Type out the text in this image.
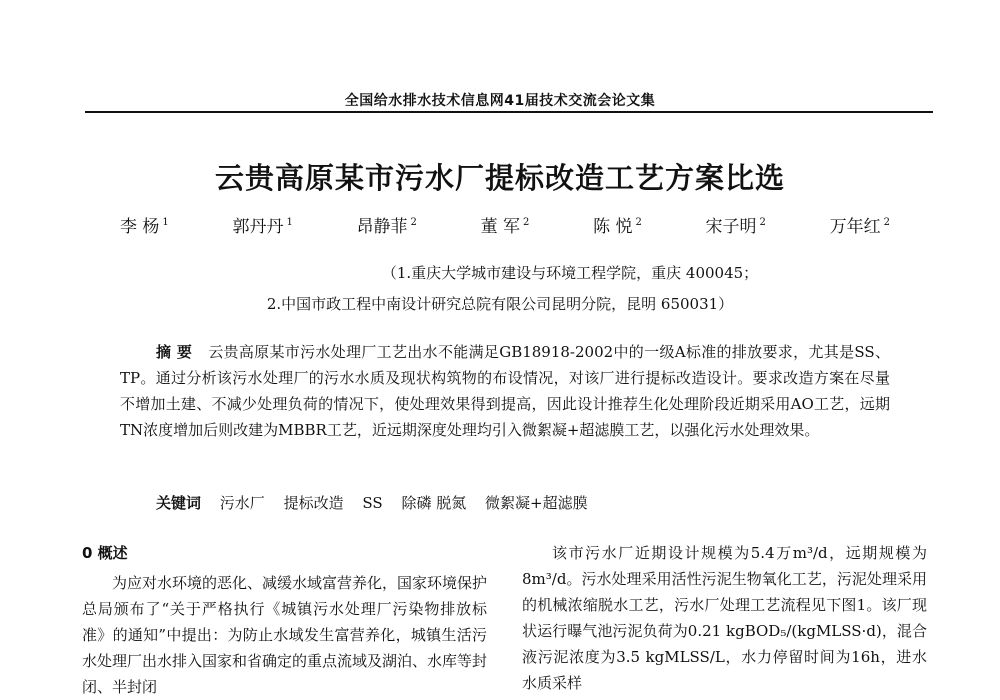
全国给水排水技术信息网41届技术交流会论文集
云贵高原某市污水厂提标改造工艺方案比选
李 杨 $^1$	郭丹丹 $^1$	昂静菲 $^2$	董 军 $^2$	陈 悦 $^2$	宋子明 $^2$	万年红 $^2$
（1.重庆大学城市建设与环境工程学院，重庆 400045；
2.中国市政工程中南设计研究总院有限公司昆明分院，昆明 650031）
摘 要 云贵高原某市污水处理厂工艺出水不能满足GB18918-2002中的一级A标准的排放要求，尤其是SS、TP。通过分析该污水处理厂的污水水质及现状构筑物的布设情况，对该厂进行提标改造设计。要求改造方案在尽量不增加土建、不减少处理负荷的情况下，使处理效果得到提高，因此设计推荐生化处理阶段近期采用AO工艺，远期TN浓度增加后则改建为MBBR工艺，近远期深度处理均引入微絮凝+超滤膜工艺，以强化污水处理效果。
关键词 污水厂 提标改造 SS 除磷 脱氮 微絮凝+超滤膜
0 概述
为应对水环境的恶化、减缓水域富营养化，国家环境保护总局颁布了“关于严格执行《城镇污水处理厂污染物排放标准》的通知”中提出：为防止水域发生富营养化，城镇生活污水处理厂出水排入国家和省确定的重点流域及湖泊、水库等封闭、半封闭
该市污水厂近期设计规模为5.4万m³/d，远期规模为8m³/d。污水处理采用活性污泥生物氧化工艺，污泥处理采用的机械浓缩脱水工艺，污水厂处理工艺流程见下图1。该厂现状运行曝气池污泥负荷为0.21 kgBOD₅/(kgMLSS·d)，混合液污泥浓度为3.5 kgMLSS/L，水力停留时间为16h，进水水质采样
